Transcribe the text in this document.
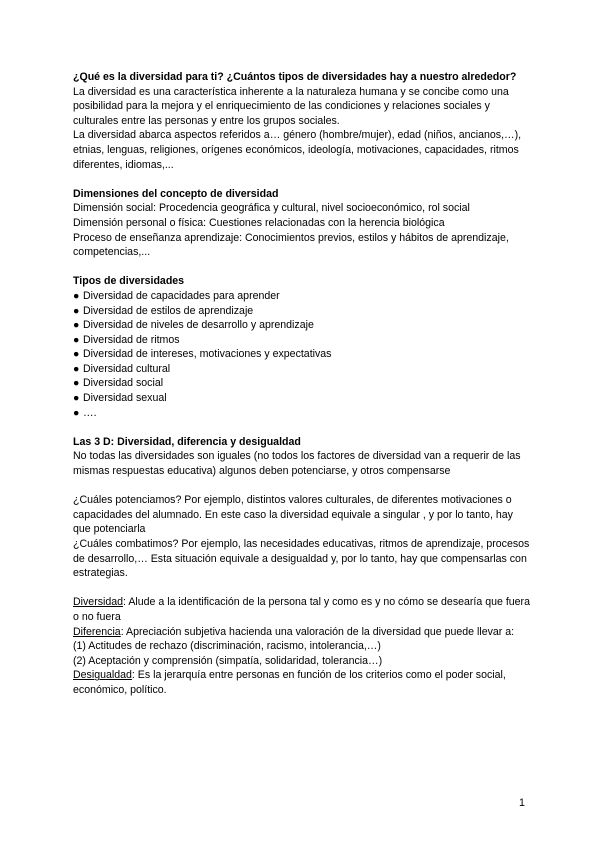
¿Qué es la diversidad para ti? ¿Cuántos tipos de diversidades hay a nuestro alrededor?

La diversidad es una característica inherente a la naturaleza humana y se concibe como una posibilidad para la mejora y el enriquecimiento de las condiciones y relaciones sociales y culturales entre las personas y entre los grupos sociales.

La diversidad abarca aspectos referidos a… género (hombre/mujer), edad (niños, ancianos,…), etnias, lenguas, religiones, orígenes económicos, ideología, motivaciones, capacidades, ritmos diferentes, idiomas,...

Dimensiones del concepto de diversidad

Dimensión social: Procedencia geográfica y cultural, nivel socioeconómico, rol social

Dimensión personal o física: Cuestiones relacionadas con la herencia biológica

Proceso de enseñanza aprendizaje: Conocimientos previos, estilos y hábitos de aprendizaje, competencias,...

Tipos de diversidades

● Diversidad de capacidades para aprender
● Diversidad de estilos de aprendizaje
● Diversidad de niveles de desarrollo y aprendizaje
● Diversidad de ritmos
● Diversidad de intereses, motivaciones y expectativas
● Diversidad cultural
● Diversidad social
● Diversidad sexual
● ….

Las 3 D: Diversidad, diferencia y desigualdad

No todas las diversidades son iguales (no todos los factores de diversidad van a requerir de las mismas respuestas educativa) algunos deben potenciarse, y otros compensarse

¿Cuáles potenciamos? Por ejemplo, distintos valores culturales, de diferentes motivaciones o capacidades del alumnado. En este caso la diversidad equivale a singular , y por lo tanto, hay que potenciarla

¿Cuáles combatimos? Por ejemplo, las necesidades educativas, ritmos de aprendizaje, procesos de desarrollo,… Esta situación equivale a desigualdad y, por lo tanto, hay que compensarlas con estrategias.

Diversidad: Alude a la identificación de la persona tal y como es y no cómo se desearía que fuera o no fuera

Diferencia: Apreciación subjetiva hacienda una valoración de la diversidad que puede llevar a:

(1) Actitudes de rechazo (discriminación, racismo, intolerancia,…)

(2) Aceptación y comprensión (simpatía, solidaridad, tolerancia…)

Desigualdad: Es la jerarquía entre personas en función de los criterios como el poder social, económico, político.

1
